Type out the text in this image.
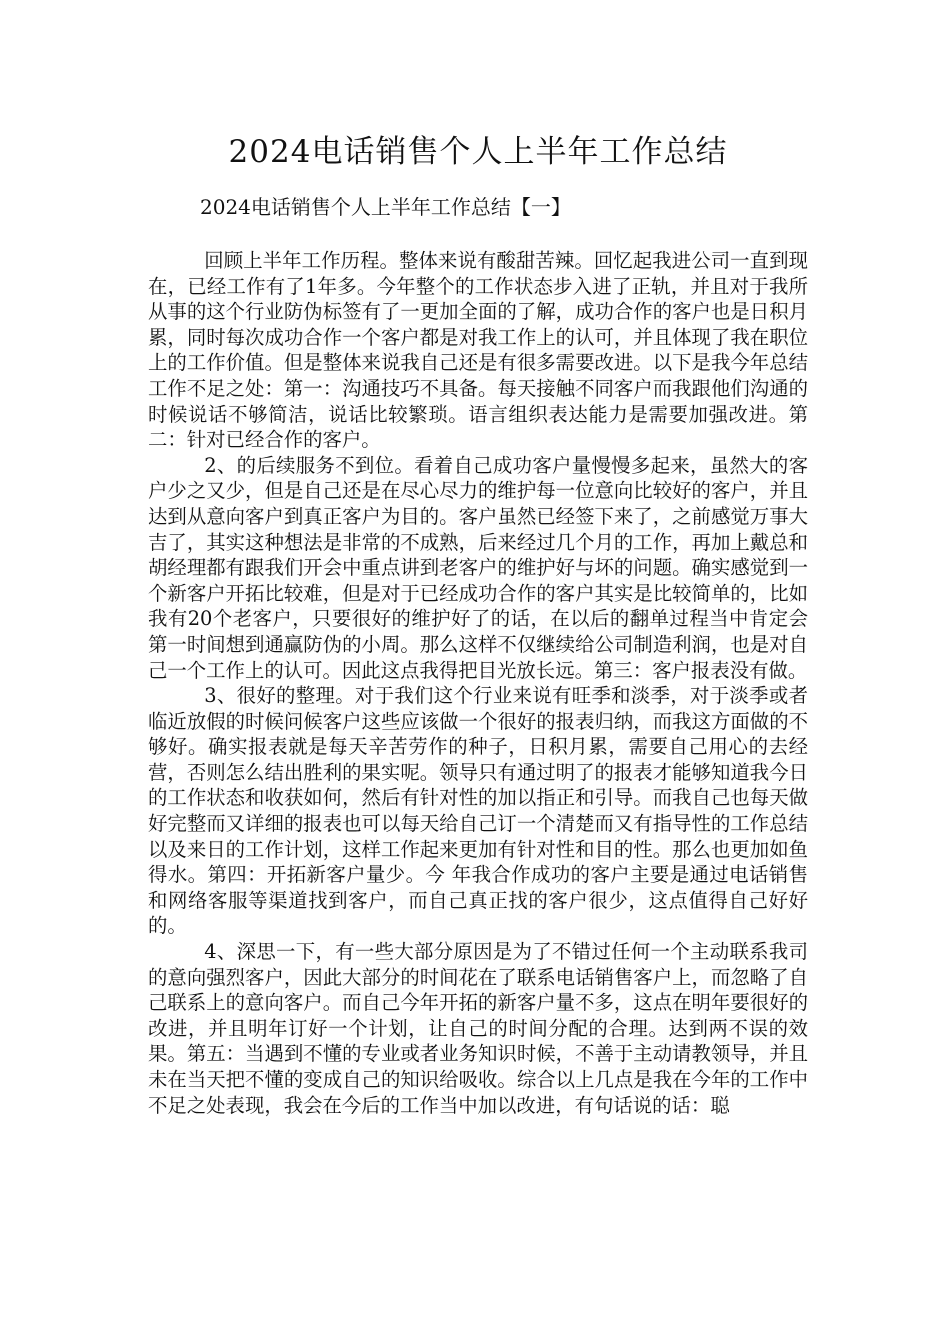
2024电话销售个人上半年工作总结
2024电话销售个人上半年工作总结【一】

回顾上半年工作历程。整体来说有酸甜苦辣。回忆起我进公司一直到现在，已经工作有了1年多。今年整个的工作状态步入进了正轨，并且对于我所从事的这个行业防伪标签有了一更加全面的了解，成功合作的客户也是日积月累，同时每次成功合作一个客户都是对我工作上的认可，并且体现了我在职位上的工作价值。但是整体来说我自己还是有很多需要改进。以下是我今年总结工作不足之处：第一：沟通技巧不具备。每天接触不同客户而我跟他们沟通的时候说话不够简洁，说话比较繁琐。语言组织表达能力是需要加强改进。第二：针对已经合作的客户。

2、的后续服务不到位。看着自己成功客户量慢慢多起来，虽然大的客户少之又少，但是自己还是在尽心尽力的维护每一位意向比较好的客户，并且达到从意向客户到真正客户为目的。客户虽然已经签下来了，之前感觉万事大吉了，其实这种想法是非常的不成熟，后来经过几个月的工作，再加上戴总和胡经理都有跟我们开会中重点讲到老客户的维护好与坏的问题。确实感觉到一个新客户开拓比较难，但是对于已经成功合作的客户其实是比较简单的，比如我有20个老客户，只要很好的维护好了的话，在以后的翻单过程当中肯定会第一时间想到通赢防伪的小周。那么这样不仅继续给公司制造利润，也是对自己一个工作上的认可。因此这点我得把目光放长远。第三：客户报表没有做。

3、很好的整理。对于我们这个行业来说有旺季和淡季，对于淡季或者临近放假的时候问候客户这些应该做一个很好的报表归纳，而我这方面做的不够好。确实报表就是每天辛苦劳作的种子，日积月累，需要自己用心的去经营，否则怎么结出胜利的果实呢。领导只有通过明了的报表才能够知道我今日的工作状态和收获如何，然后有针对性的加以指正和引导。而我自己也每天做好完整而又详细的报表也可以每天给自己订一个清楚而又有指导性的工作总结以及来日的工作计划，这样工作起来更加有针对性和目的性。那么也更加如鱼得水。第四：开拓新客户量少。今 年我合作成功的客户主要是通过电话销售和网络客服等渠道找到客户，而自己真正找的客户很少，这点值得自己好好的。

4、深思一下，有一些大部分原因是为了不错过任何一个主动联系我司的意向强烈客户，因此大部分的时间花在了联系电话销售客户上，而忽略了自己联系上的意向客户。而自己今年开拓的新客户量不多，这点在明年要很好的改进，并且明年订好一个计划，让自己的时间分配的合理。达到两不误的效果。第五：当遇到不懂的专业或者业务知识时候，不善于主动请教领导，并且未在当天把不懂的变成自己的知识给吸收。综合以上几点是我在今年的工作中不足之处表现，我会在今后的工作当中加以改进，有句话说的话：聪
